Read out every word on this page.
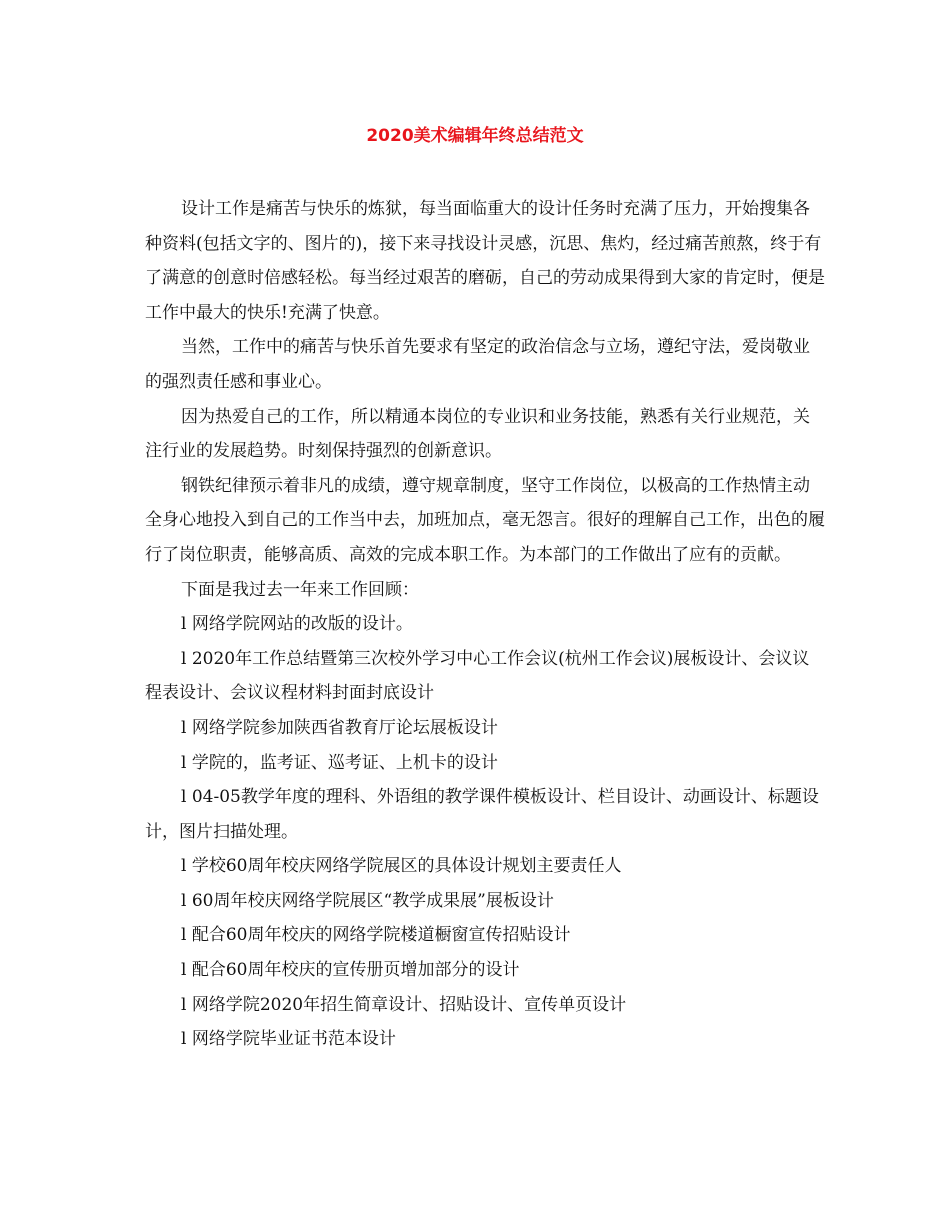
2020美术编辑年终总结范文

设计工作是痛苦与快乐的炼狱，每当面临重大的设计任务时充满了压力，开始搜集各种资料(包括文字的、图片的)，接下来寻找设计灵感，沉思、焦灼，经过痛苦煎熬，终于有了满意的创意时倍感轻松。每当经过艰苦的磨砺，自己的劳动成果得到大家的肯定时，便是工作中最大的快乐!充满了快意。

当然，工作中的痛苦与快乐首先要求有坚定的政治信念与立场，遵纪守法，爱岗敬业的强烈责任感和事业心。

因为热爱自己的工作，所以精通本岗位的专业识和业务技能，熟悉有关行业规范，关注行业的发展趋势。时刻保持强烈的创新意识。

钢铁纪律预示着非凡的成绩，遵守规章制度，坚守工作岗位，以极高的工作热情主动全身心地投入到自己的工作当中去，加班加点，毫无怨言。很好的理解自己工作，出色的履行了岗位职责，能够高质、高效的完成本职工作。为本部门的工作做出了应有的贡献。

下面是我过去一年来工作回顾：

l 网络学院网站的改版的设计。

l 2020年工作总结暨第三次校外学习中心工作会议(杭州工作会议)展板设计、会议议程表设计、会议议程材料封面封底设计

l 网络学院参加陕西省教育厅论坛展板设计

l 学院的，监考证、巡考证、上机卡的设计

l 04-05教学年度的理科、外语组的教学课件模板设计、栏目设计、动画设计、标题设计，图片扫描处理。

l 学校60周年校庆网络学院展区的具体设计规划主要责任人

l 60周年校庆网络学院展区“教学成果展”展板设计

l 配合60周年校庆的网络学院楼道橱窗宣传招贴设计

l 配合60周年校庆的宣传册页增加部分的设计

l 网络学院2020年招生简章设计、招贴设计、宣传单页设计

l 网络学院毕业证书范本设计
